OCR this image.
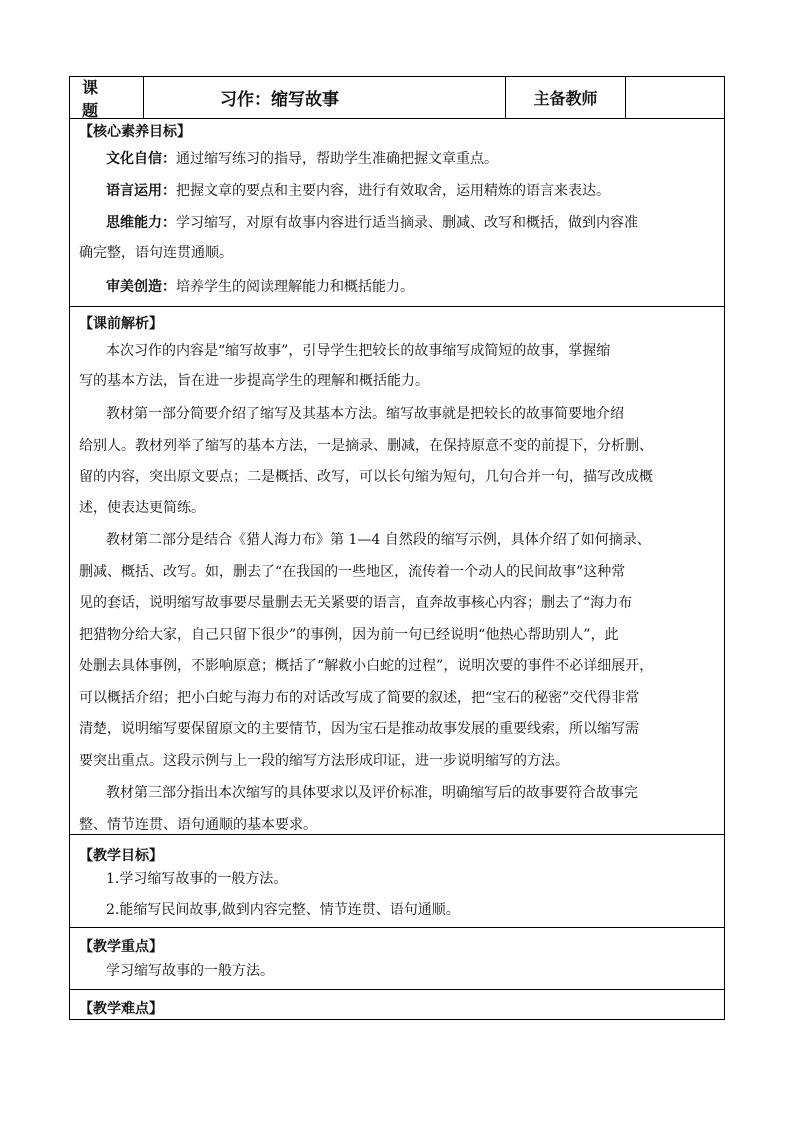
课　题	习作：缩写故事	主备教师
【核心素养目标】
文化自信：通过缩写练习的指导，帮助学生准确把握文章重点。
语言运用：把握文章的要点和主要内容，进行有效取舍，运用精炼的语言来表达。
思维能力：学习缩写，对原有故事内容进行适当摘录、删减、改写和概括，做到内容准
确完整，语句连贯通顺。
审美创造：培养学生的阅读理解能力和概括能力。
【课前解析】
本次习作的内容是“缩写故事”，引导学生把较长的故事缩写成简短的故事，掌握缩
写的基本方法，旨在进一步提高学生的理解和概括能力。
教材第一部分简要介绍了缩写及其基本方法。缩写故事就是把较长的故事简要地介绍
给别人。教材列举了缩写的基本方法，一是摘录、删减，在保持原意不变的前提下，分析删、
留的内容，突出原文要点；二是概括、改写，可以长句缩为短句，几句合并一句，描写改成概
述，使表达更简练。
教材第二部分是结合《猎人海力布》第 1—4 自然段的缩写示例，具体介绍了如何摘录、
删减、概括、改写。如，删去了“在我国的一些地区，流传着一个动人的民间故事”这种常
见的套话，说明缩写故事要尽量删去无关紧要的语言，直奔故事核心内容；删去了“海力布
把猎物分给大家，自己只留下很少”的事例，因为前一句已经说明“他热心帮助别人”，此
处删去具体事例，不影响原意；概括了“解救小白蛇的过程”，说明次要的事件不必详细展开，
可以概括介绍；把小白蛇与海力布的对话改写成了简要的叙述，把“宝石的秘密”交代得非常
清楚，说明缩写要保留原文的主要情节，因为宝石是推动故事发展的重要线索，所以缩写需
要突出重点。这段示例与上一段的缩写方法形成印证，进一步说明缩写的方法。
教材第三部分指出本次缩写的具体要求以及评价标准，明确缩写后的故事要符合故事完
整、情节连贯、语句通顺的基本要求。
【教学目标】
1.学习缩写故事的一般方法。
2.能缩写民间故事,做到内容完整、情节连贯、语句通顺。
【教学重点】
学习缩写故事的一般方法。
【教学难点】
